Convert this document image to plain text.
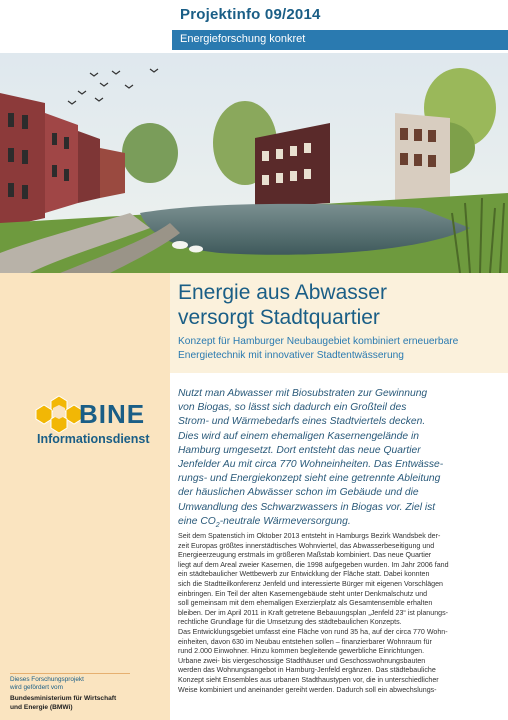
Projektinfo 09/2014
Energieforschung konkret
Energie aus Abwasser
versorgt Stadtquartier
Konzept für Hamburger Neubaugebiet kombiniert erneuerbare
Energietechnik mit innovativer Stadtentwässerung
BINE
Informationsdienst
Nutzt man Abwasser mit Biosubstraten zur Gewinnung
von Biogas, so lässt sich dadurch ein Großteil des
Strom- und Wärmebedarfs eines Stadtviertels decken.
Dies wird auf einem ehemaligen Kasernengelände in
Hamburg umgesetzt. Dort entsteht das neue Quartier
Jenfelder Au mit circa 770 Wohneinheiten. Das Entwässe-
rungs- und Energiekonzept sieht eine getrennte Ableitung
der häuslichen Abwässer schon im Gebäude und die
Umwandlung des Schwarzwassers in Biogas vor. Ziel ist
eine $CO_2$-neutrale Wärmeversorgung.
Seit dem Spatenstich im Oktober 2013 entsteht in Hamburgs Bezirk Wandsbek der-
zeit Europas größtes innerstädtisches Wohnviertel, das Abwasserbeseitigung und
Energieerzeugung erstmals im größeren Maßstab kombiniert. Das neue Quartier
liegt auf dem Areal zweier Kasernen, die 1998 aufgegeben wurden. Im Jahr 2006 fand
ein städtebaulicher Wettbewerb zur Entwicklung der Fläche statt. Dabei konnten
sich die Stadtteilkonferenz Jenfeld und interessierte Bürger mit eigenen Vorschlägen
einbringen. Ein Teil der alten Kasernengebäude steht unter Denkmalschutz und
soll gemeinsam mit dem ehemaligen Exerzierplatz als Gesamtensemble erhalten
bleiben. Der im April 2011 in Kraft getretene Bebauungsplan „Jenfeld 23“ ist planungs-
rechtliche Grundlage für die Umsetzung des städtebaulichen Konzepts.
Das Entwicklungsgebiet umfasst eine Fläche von rund 35 ha, auf der circa 770 Wohn-
einheiten, davon 630 im Neubau entstehen sollen – finanzierbarer Wohnraum für
rund 2.000 Einwohner. Hinzu kommen begleitende gewerbliche Einrichtungen.
Urbane zwei- bis viergeschossige Stadthäuser und Geschosswohnungsbauten
werden das Wohnungsangebot in Hamburg-Jenfeld ergänzen. Das städtebauliche
Konzept sieht Ensembles aus urbanen Stadthaustypen vor, die in unterschiedlicher
Weise kombiniert und aneinander gereiht werden. Dadurch soll ein abwechslungs-
Dieses Forschungsprojekt
wird gefördert vom
Bundesministerium für Wirtschaft
und Energie (BMWi)
